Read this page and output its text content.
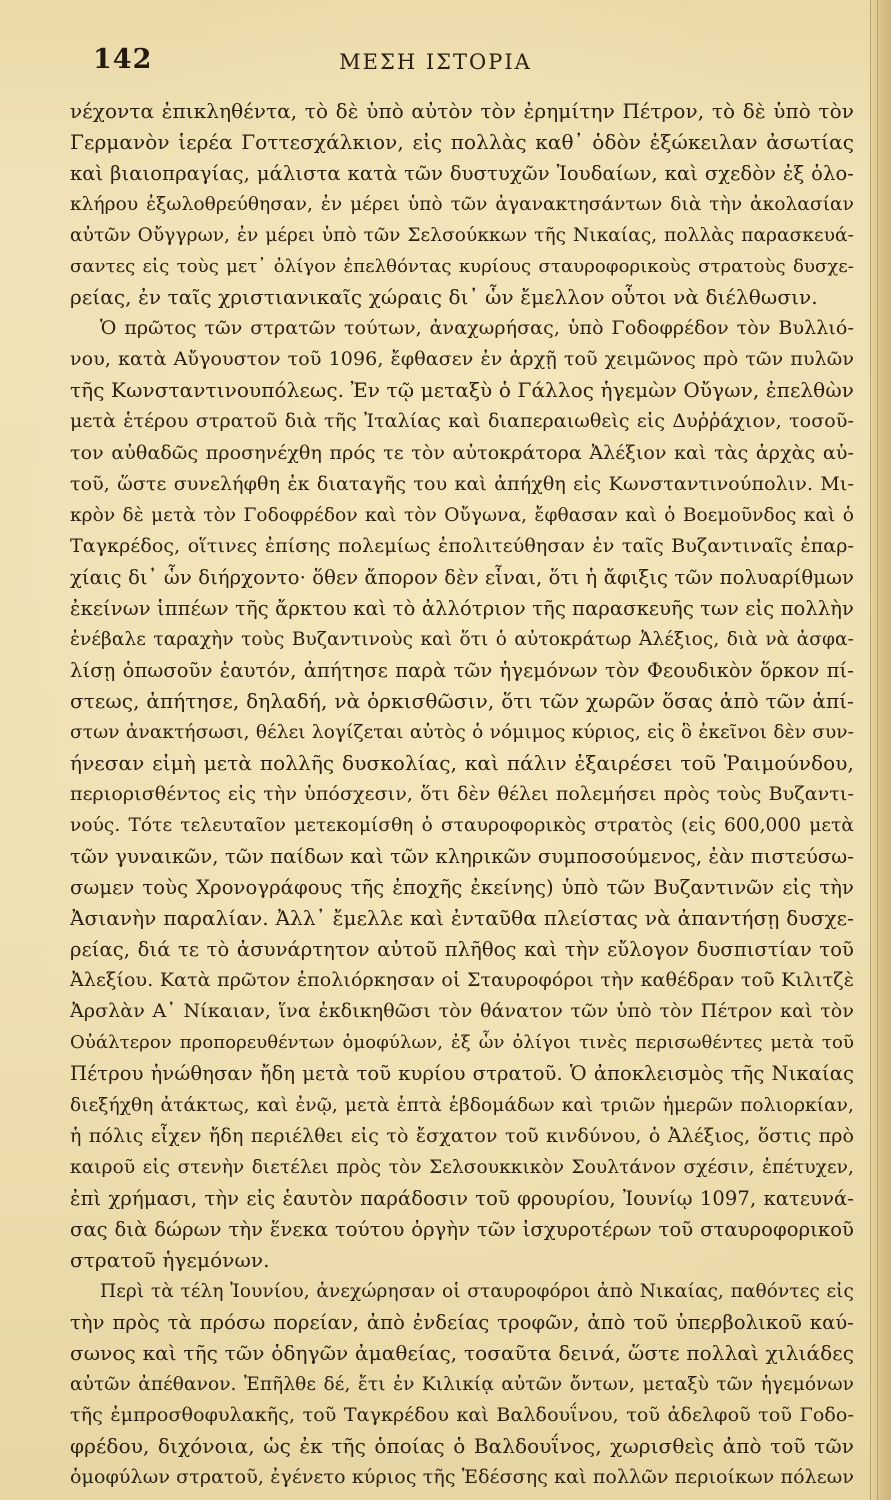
142	ΜΕΣΗ ΙΣΤΟΡΙΑ
νέχοντα ἐπικληθέντα, τὸ δὲ ὑπὸ αὐτὸν τὸν ἐρημίτην Πέτρον, τὸ δὲ ὑπὸ τὸν
Γερμανὸν ἱερέα Γοττεσχάλκιον, εἰς πολλὰς καθ᾽ ὁδὸν ἐξώκειλαν ἀσωτίας
καὶ βιαιοπραγίας, μάλιστα κατὰ τῶν δυστυχῶν Ἰουδαίων, καὶ σχεδὸν ἐξ ὁλο-
κλήρου ἐξωλοθρεύθησαν, ἐν μέρει ὑπὸ τῶν ἀγανακτησάντων διὰ τὴν ἀκολασίαν
αὐτῶν Οὔγγρων, ἐν μέρει ὑπὸ τῶν Σελσούκκων τῆς Νικαίας, πολλὰς παρασκευά-
σαντες εἰς τοὺς μετ᾽ ὀλίγον ἐπελθόντας κυρίους σταυροφορικοὺς στρατοὺς δυσχε-
ρείας, ἐν ταῖς χριστιανικαῖς χώραις δι᾽ ὧν ἔμελλον οὗτοι νὰ διέλθωσιν.
Ὁ πρῶτος τῶν στρατῶν τούτων, ἀναχωρήσας, ὑπὸ Γοδοφρέδον τὸν Βυλλιό-
νου, κατὰ Αὔγουστον τοῦ 1096, ἔφθασεν ἐν ἀρχῇ τοῦ χειμῶνος πρὸ τῶν πυλῶν
τῆς Κωνσταντινουπόλεως. Ἐν τῷ μεταξὺ ὁ Γάλλος ἡγεμὼν Οὔγων, ἐπελθὼν
μετὰ ἑτέρου στρατοῦ διὰ τῆς Ἰταλίας καὶ διαπεραιωθεὶς εἰς Δυῤῥάχιον, τοσοῦ-
τον αὐθαδῶς προσηνέχθη πρός τε τὸν αὐτοκράτορα Ἀλέξιον καὶ τὰς ἀρχὰς αὐ-
τοῦ, ὥστε συνελήφθη ἐκ διαταγῆς του καὶ ἀπήχθη εἰς Κωνσταντινούπολιν. Μι-
κρὸν δὲ μετὰ τὸν Γοδοφρέδον καὶ τὸν Οὔγωνα, ἔφθασαν καὶ ὁ Βοεμοῦνδος καὶ ὁ
Ταγκρέδος, οἵτινες ἐπίσης πολεμίως ἐπολιτεύθησαν ἐν ταῖς Βυζαντιναῖς ἐπαρ-
χίαις δι᾽ ὧν διήρχοντο· ὅθεν ἄπορον δὲν εἶναι, ὅτι ἡ ἄφιξις τῶν πολυαρίθμων
ἐκείνων ἱππέων τῆς ἄρκτου καὶ τὸ ἀλλότριον τῆς παρασκευῆς των εἰς πολλὴν
ἐνέβαλε ταραχὴν τοὺς Βυζαντινοὺς καὶ ὅτι ὁ αὐτοκράτωρ Ἀλέξιος, διὰ νὰ ἀσφα-
λίσῃ ὁπωσοῦν ἑαυτόν, ἀπήτησε παρὰ τῶν ἡγεμόνων τὸν Φεουδικὸν ὅρκον πί-
στεως, ἀπήτησε, δηλαδή, νὰ ὁρκισθῶσιν, ὅτι τῶν χωρῶν ὅσας ἀπὸ τῶν ἀπί-
στων ἀνακτήσωσι, θέλει λογίζεται αὐτὸς ὁ νόμιμος κύριος, εἰς ὃ ἐκεῖνοι δὲν συν-
ήνεσαν εἰμὴ μετὰ πολλῆς δυσκολίας, καὶ πάλιν ἐξαιρέσει τοῦ Ῥαιμούνδου,
περιορισθέντος εἰς τὴν ὑπόσχεσιν, ὅτι δὲν θέλει πολεμήσει πρὸς τοὺς Βυζαντι-
νούς. Τότε τελευταῖον μετεκομίσθη ὁ σταυροφορικὸς στρατὸς (εἰς 600,000 μετὰ
τῶν γυναικῶν, τῶν παίδων καὶ τῶν κληρικῶν συμποσούμενος, ἐὰν πιστεύσω-
σωμεν τοὺς Χρονογράφους τῆς ἐποχῆς ἐκείνης) ὑπὸ τῶν Βυζαντινῶν εἰς τὴν
Ἀσιανὴν παραλίαν. Ἀλλ᾽ ἔμελλε καὶ ἐνταῦθα πλείστας νὰ ἀπαντήσῃ δυσχε-
ρείας, διά τε τὸ ἀσυνάρτητον αὐτοῦ πλῆθος καὶ τὴν εὔλογον δυσπιστίαν τοῦ
Ἀλεξίου. Κατὰ πρῶτον ἐπολιόρκησαν οἱ Σταυροφόροι τὴν καθέδραν τοῦ Κιλιτζὲ
Ἀρσλὰν Α᾽ Νίκαιαν, ἵνα ἐκδικηθῶσι τὸν θάνατον τῶν ὑπὸ τὸν Πέτρον καὶ τὸν
Οὐάλτερον προπορευθέντων ὁμοφύλων, ἐξ ὧν ὀλίγοι τινὲς περισωθέντες μετὰ τοῦ
Πέτρου ἡνώθησαν ἤδη μετὰ τοῦ κυρίου στρατοῦ. Ὁ ἀποκλεισμὸς τῆς Νικαίας
διεξήχθη ἀτάκτως, καὶ ἐνῷ, μετὰ ἑπτὰ ἑβδομάδων καὶ τριῶν ἡμερῶν πολιορκίαν,
ἡ πόλις εἶχεν ἤδη περιέλθει εἰς τὸ ἔσχατον τοῦ κινδύνου, ὁ Ἀλέξιος, ὅστις πρὸ
καιροῦ εἰς στενὴν διετέλει πρὸς τὸν Σελσουκκικὸν Σουλτάνον σχέσιν, ἐπέτυχεν,
ἐπὶ χρήμασι, τὴν εἰς ἑαυτὸν παράδοσιν τοῦ φρουρίου, Ἰουνίῳ 1097, κατευνά-
σας διὰ δώρων τὴν ἕνεκα τούτου ὀργὴν τῶν ἰσχυροτέρων τοῦ σταυροφορικοῦ
στρατοῦ ἡγεμόνων.
Περὶ τὰ τέλη Ἰουνίου, ἀνεχώρησαν οἱ σταυροφόροι ἀπὸ Νικαίας, παθόντες εἰς
τὴν πρὸς τὰ πρόσω πορείαν, ἀπὸ ἐνδείας τροφῶν, ἀπὸ τοῦ ὑπερβολικοῦ καύ-
σωνος καὶ τῆς τῶν ὁδηγῶν ἀμαθείας, τοσαῦτα δεινά, ὥστε πολλαὶ χιλιάδες
αὐτῶν ἀπέθανον. Ἐπῆλθε δέ, ἔτι ἐν Κιλικίᾳ αὐτῶν ὄντων, μεταξὺ τῶν ἡγεμόνων
τῆς ἐμπροσθοφυλακῆς, τοῦ Ταγκρέδου καὶ Βαλδουΐνου, τοῦ ἀδελφοῦ τοῦ Γοδο-
φρέδου, διχόνοια, ὡς ἐκ τῆς ὁποίας ὁ Βαλδουΐνος, χωρισθεὶς ἀπὸ τοῦ τῶν
ὁμοφύλων στρατοῦ, ἐγένετο κύριος τῆς Ἐδέσσης καὶ πολλῶν περιοίκων πόλεων
